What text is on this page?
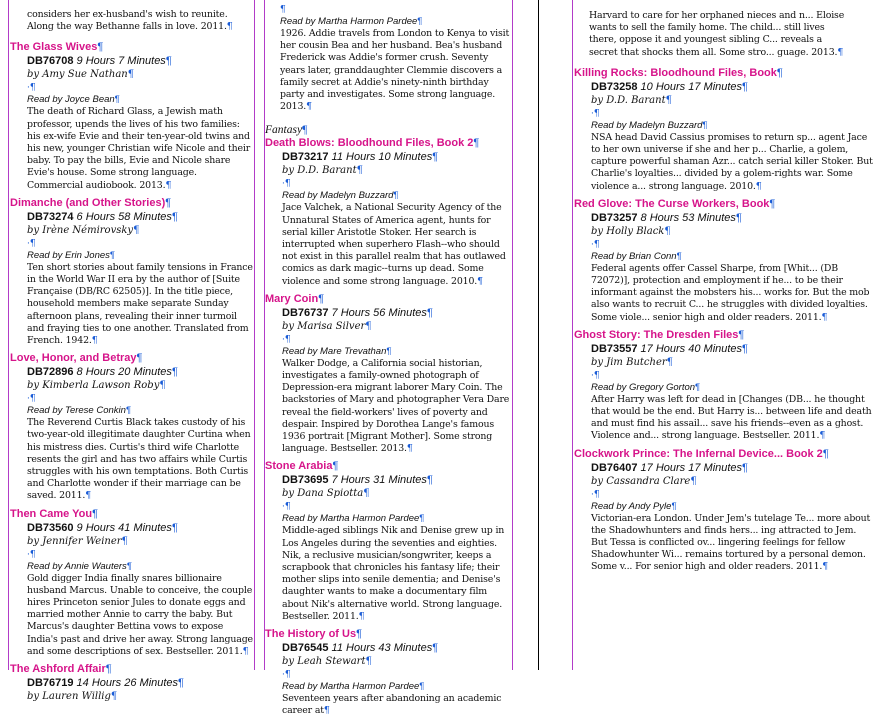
considers her ex-husband's wish to reunite. Along the way Bethanne falls in love. 2011.¶

The Glass Wives¶

DB76708 9 Hours 7 Minutes¶

by Amy Sue Nathan¶

·¶

Read by Joyce Bean¶

The death of Richard Glass, a Jewish math professor, upends the lives of his two families: his ex-wife Evie and their ten-year-old twins and his new, younger Christian wife Nicole and their baby. To pay the bills, Evie and Nicole share Evie's house. Some strong language. Commercial audiobook. 2013.¶

Dimanche (and Other Stories)¶

DB73274 6 Hours 58 Minutes¶

by Irène Némirovsky¶

·¶

Read by Erin Jones¶

Ten short stories about family tensions in France in the World War II era by the author of [Suite Française (DB/RC 62505)]. In the title piece, household members make separate Sunday afternoon plans, revealing their inner turmoil and fraying ties to one another. Translated from French. 1942.¶

Love, Honor, and Betray¶

DB72896 8 Hours 20 Minutes¶

by Kimberla Lawson Roby¶

·¶

Read by Terese Conkin¶

The Reverend Curtis Black takes custody of his two-year-old illegitimate daughter Curtina when his mistress dies. Curtis's third wife Charlotte resents the girl and has two affairs while Curtis struggles with his own temptations. Both Curtis and Charlotte wonder if their marriage can be saved. 2011.¶

Then Came You¶

DB73560 9 Hours 41 Minutes¶

by Jennifer Weiner¶

·¶

Read by Annie Wauters¶

Gold digger India finally snares billionaire husband Marcus. Unable to conceive, the couple hires Princeton senior Jules to donate eggs and married mother Annie to carry the baby. But Marcus's daughter Bettina vows to expose India's past and drive her away. Strong language and some descriptions of sex. Bestseller. 2011.¶

The Ashford Affair¶

DB76719 14 Hours 26 Minutes¶

by Lauren Willig¶

¶

Read by Martha Harmon Pardee¶

1926. Addie travels from London to Kenya to visit her cousin Bea and her husband. Bea's husband Frederick was Addie's former crush. Seventy years later, granddaughter Clemmie discovers a family secret at Addie's ninety-ninth birthday party and investigates. Some strong language. 2013.¶

Fantasy¶

Death Blows: Bloodhound Files, Book 2¶

DB73217 11 Hours 10 Minutes¶

by D.D. Barant¶

·¶

Read by Madelyn Buzzard¶

Jace Valchek, a National Security Agency of the Unnatural States of America agent, hunts for serial killer Aristotle Stoker. Her search is interrupted when superhero Flash--who should not exist in this parallel realm that has outlawed comics as dark magic--turns up dead. Some violence and some strong language. 2010.¶

Mary Coin¶

DB76737 7 Hours 56 Minutes¶

by Marisa Silver¶

·¶

Read by Mare Trevathan¶

Walker Dodge, a California social historian, investigates a family-owned photograph of Depression-era migrant laborer Mary Coin. The backstories of Mary and photographer Vera Dare reveal the field-workers' lives of poverty and despair. Inspired by Dorothea Lange's famous 1936 portrait [Migrant Mother]. Some strong language. Bestseller. 2013.¶

Stone Arabia¶

DB73695 7 Hours 31 Minutes¶

by Dana Spiotta¶

·¶

Read by Martha Harmon Pardee¶

Middle-aged siblings Nik and Denise grew up in Los Angeles during the seventies and eighties. Nik, a reclusive musician/songwriter, keeps a scrapbook that chronicles his fantasy life; their mother slips into senile dementia; and Denise's daughter wants to make a documentary film about Nik's alternative world. Strong language. Bestseller. 2011.¶

The History of Us¶

DB76545 11 Hours 43 Minutes¶

by Leah Stewart¶

·¶

Read by Martha Harmon Pardee¶

Seventeen years after abandoning an academic career at¶

Harvard to care for her orphaned nieces and n... Eloise wants to sell the family home. The child... still lives there, oppose it and youngest sibling C... reveals a secret that shocks them all. Some stro... guage. 2013.¶

Killing Rocks: Bloodhound Files, Book¶

DB73258 10 Hours 17 Minutes¶

by D.D. Barant¶

·¶

Read by Madelyn Buzzard¶

NSA head David Cassius promises to return sp... agent Jace to her own universe if she and her p... Charlie, a golem, capture powerful shaman Azr... catch serial killer Stoker. But Charlie's loyalties... divided by a golem-rights war. Some violence a... strong language. 2010.¶

Red Glove: The Curse Workers, Book¶

DB73257 8 Hours 53 Minutes¶

by Holly Black¶

·¶

Read by Brian Conn¶

Federal agents offer Cassel Sharpe, from [Whit... (DB 72072)], protection and employment if he... to be their informant against the mobsters his... works for. But the mob also wants to recruit C... he struggles with divided loyalties. Some viole... senior high and older readers. 2011.¶

Ghost Story: The Dresden Files¶

DB73557 17 Hours 40 Minutes¶

by Jim Butcher¶

·¶

Read by Gregory Gorton¶

After Harry was left for dead in [Changes (DB... he thought that would be the end. But Harry is... between life and death and must find his assail... save his friends--even as a ghost. Violence and... strong language. Bestseller. 2011.¶

Clockwork Prince: The Infernal Device... Book 2¶

DB76407 17 Hours 17 Minutes¶

by Cassandra Clare¶

·¶

Read by Andy Pyle¶

Victorian-era London. Under Jem's tutelage Te... more about the Shadowhunters and finds hers... ing attracted to Jem. But Tessa is conflicted ov... lingering feelings for fellow Shadowhunter Wi... remains tortured by a personal demon. Some v... For senior high and older readers. 2011.¶
